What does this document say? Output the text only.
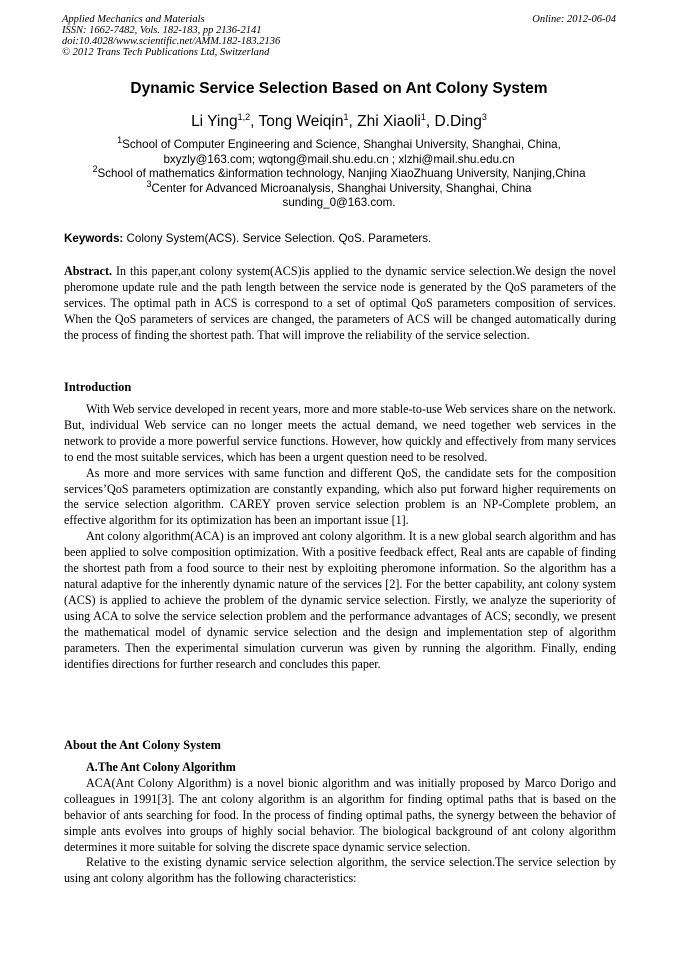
Applied Mechanics and Materials
ISSN: 1662-7482, Vols. 182-183, pp 2136-2141
doi:10.4028/www.scientific.net/AMM.182-183.2136
© 2012 Trans Tech Publications Ltd, Switzerland
Online: 2012-06-04
Dynamic Service Selection Based on Ant Colony System
Li Ying$^{1,2}$, Tong Weiqin$^1$, Zhi Xiaoli$^1$, D.Ding$^3$
$^1$School of Computer Engineering and Science, Shanghai University, Shanghai, China,
bxyzly@163.com; wqtong@mail.shu.edu.cn ; xlzhi@mail.shu.edu.cn
$^2$School of mathematics &information technology, Nanjing XiaoZhuang University, Nanjing,China
$^3$Center for Advanced Microanalysis, Shanghai University, Shanghai, China
sunding_0@163.com.
Keywords: Colony System(ACS). Service Selection. QoS. Parameters.
Abstract. In this paper,ant colony system(ACS)is applied to the dynamic service selection.We design the novel pheromone update rule and the path length between the service node is generated by the QoS parameters of the services. The optimal path in ACS is correspond to a set of optimal QoS parameters composition of services. When the QoS parameters of services are changed, the parameters of ACS will be changed automatically during the process of finding the shortest path. That will improve the reliability of the service selection.
Introduction

With Web service developed in recent years, more and more stable-to-use Web services share on the network. But, individual Web service can no longer meets the actual demand, we need together web services in the network to provide a more powerful service functions. However, how quickly and effectively from many services to end the most suitable services, which has been a urgent question need to be resolved.

As more and more services with same function and different QoS, the candidate sets for the composition services’QoS parameters optimization are constantly expanding, which also put forward higher requirements on the service selection algorithm. CAREY proven service selection problem is an NP-Complete problem, an effective algorithm for its optimization has been an important issue [1].

Ant colony algorithm(ACA) is an improved ant colony algorithm. It is a new global search algorithm and has been applied to solve composition optimization. With a positive feedback effect, Real ants are capable of finding the shortest path from a food source to their nest by exploiting pheromone information. So the algorithm has a natural adaptive for the inherently dynamic nature of the services [2]. For the better capability, ant colony system (ACS) is applied to achieve the problem of the dynamic service selection. Firstly, we analyze the superiority of using ACA to solve the service selection problem and the performance advantages of ACS; secondly, we present the mathematical model of dynamic service selection and the design and implementation step of algorithm parameters. Then the experimental simulation curverun was given by running the algorithm. Finally, ending identifies directions for further research and concludes this paper.

About the Ant Colony System
A.The Ant Colony Algorithm

ACA(Ant Colony Algorithm) is a novel bionic algorithm and was initially proposed by Marco Dorigo and colleagues in 1991[3]. The ant colony algorithm is an algorithm for finding optimal paths that is based on the behavior of ants searching for food. In the process of finding optimal paths, the synergy between the behavior of simple ants evolves into groups of highly social behavior. The biological background of ant colony algorithm determines it more suitable for solving the discrete space dynamic service selection.

Relative to the existing dynamic service selection algorithm, the service selection.The service selection by using ant colony algorithm has the following characteristics:
